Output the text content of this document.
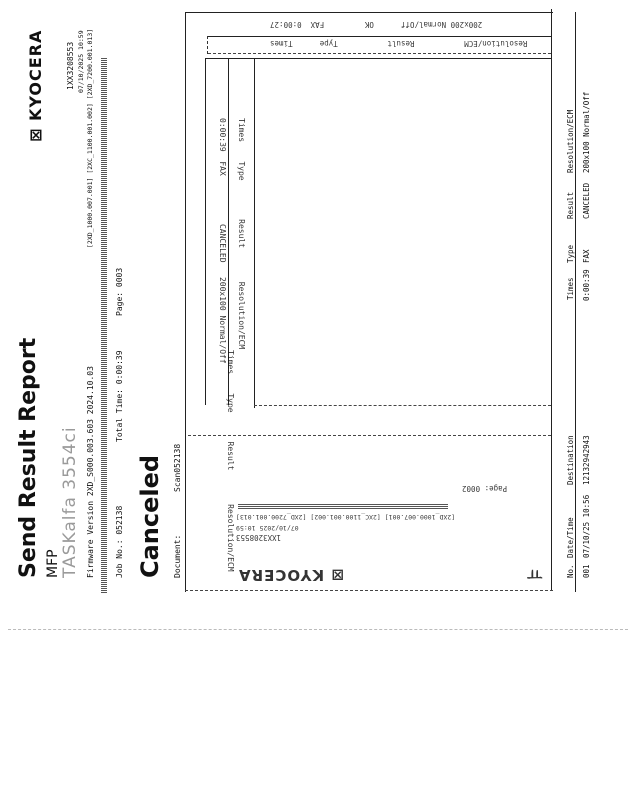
200x200 Normal/Off      OK         FAX  0:00:27
Resolution/ECM           Result           Type      Times
Times    Type      Result       Resolution/ECM
0:00:39  FAX          CANCELED   200x100 Normal/Off
Times    Type        Result       Resolution/ECM
Page: 0002
[2XD_1000.007.001] [2XC_1100.001.002] [2XD_7200.001.013]
07/10/2025 10:59
1XX3208553
⊠ KYOCERA	ㅠ
Send Result Report MFP TASKalfa 3554ci Firmware Version 2XD_S000.003.603 2024.10.03
Job No.: 052138
Total Time: 0:00:39
Page: 0003
Canceled Document:
Scan052138
⊠ KYOCERA	1XX3208553 07/10/2025 10:59 [2XD_1000.007.001] [2XC_1100.001.002] [2XD_7200.001.013]
No.
Date/Time
Destination
Times
Type
Result
Resolution/ECM
001
07/10/25 10:56
12132942943
0:00:39
FAX
CANCELED
200x100 Normal/Off
